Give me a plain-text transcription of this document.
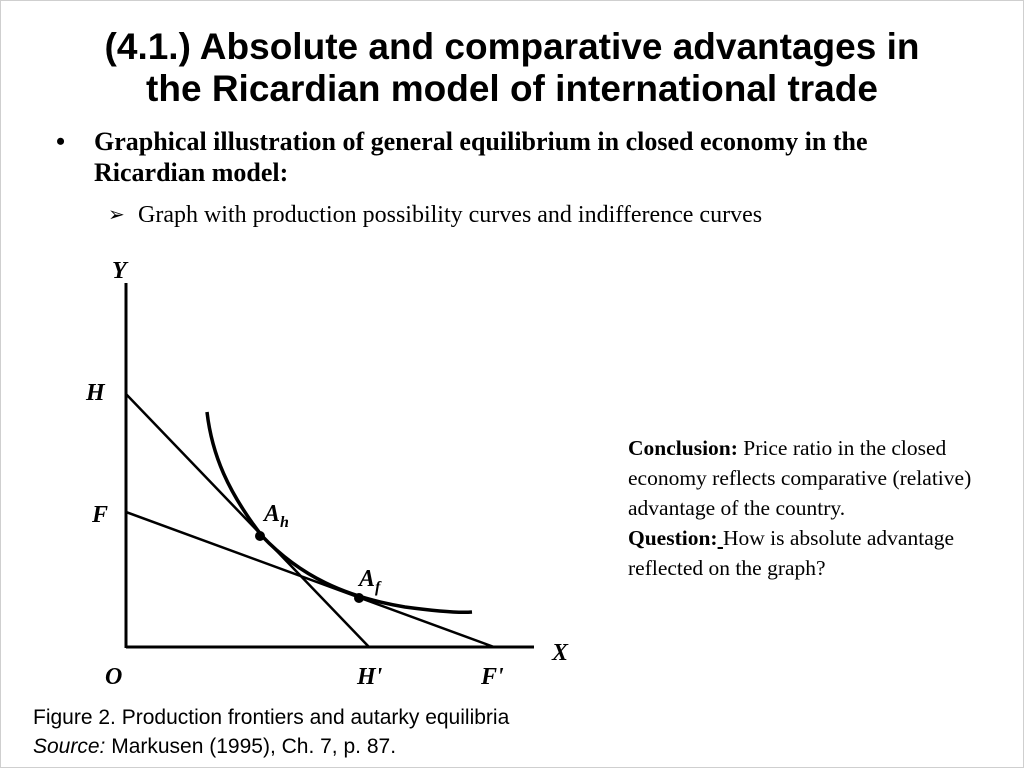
(4.1.) Absolute and comparative advantages in
the Ricardian model of international trade
• Graphical illustration of general equilibrium in closed economy in the Ricardian model:
➢ Graph with production possibility curves and indifference curves
Y
X
O
H
F
H'	F'
$A_h$
$A_f$
Conclusion: Price ratio in the closed economy reflects comparative (relative) advantage of the country.
Question: How is absolute advantage reflected on the graph?
Figure 2. Production frontiers and autarky equilibria
Source: Markusen (1995), Ch. 7, p. 87.
